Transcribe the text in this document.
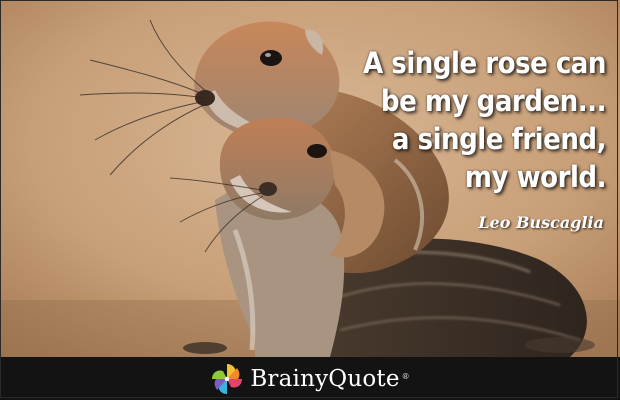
A single rose can
be my garden...
a single friend,
my world.
Leo Buscaglia
BrainyQuote ®
